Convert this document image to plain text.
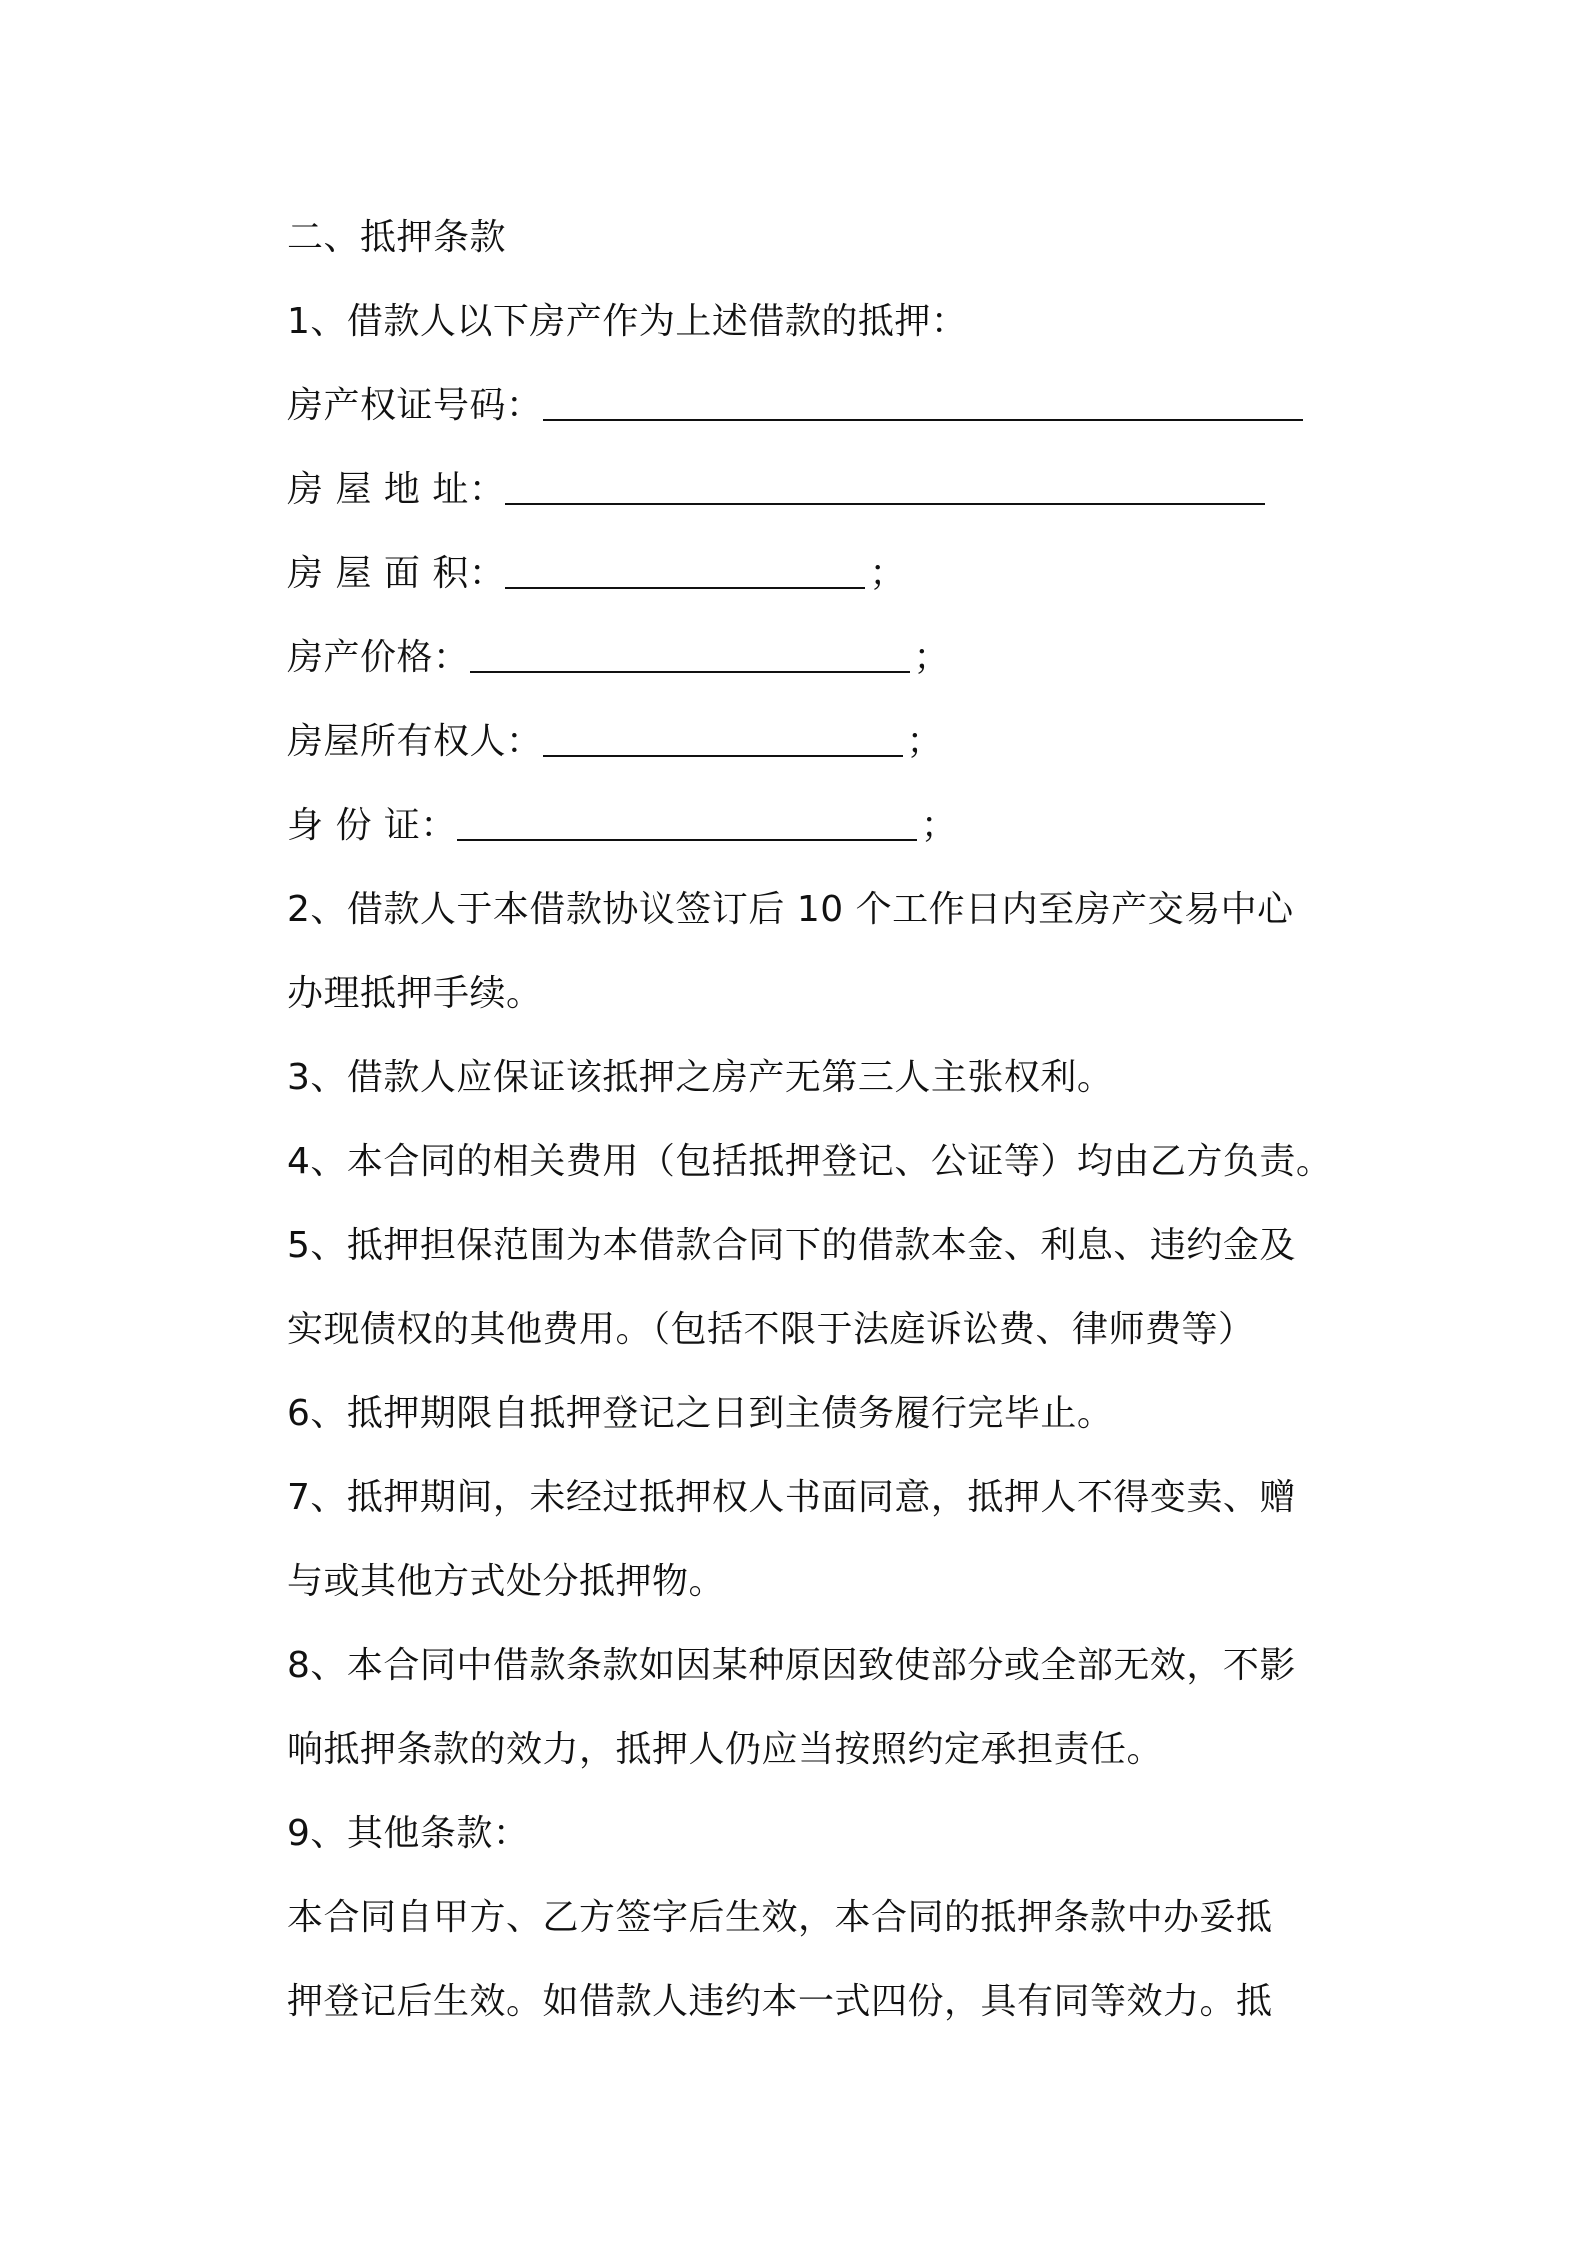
二、抵押条款
1、借款人以下房产作为上述借款的抵押：
房产权证号码：
房 屋 地 址：
房 屋 面 积：	；
房产价格：	；
房屋所有权人：	；
身 份 证：	；
2、借款人于本借款协议签订后 10 个工作日内至房产交易中心
办理抵押手续。
3、借款人应保证该抵押之房产无第三人主张权利。
4、本合同的相关费用（包括抵押登记、公证等）均由乙方负责。
5、抵押担保范围为本借款合同下的借款本金、利息、违约金及
实现债权的其他费用。（包括不限于法庭诉讼费、律师费等）
6、抵押期限自抵押登记之日到主债务履行完毕止。
7、抵押期间，未经过抵押权人书面同意，抵押人不得变卖、赠
与或其他方式处分抵押物。
8、本合同中借款条款如因某种原因致使部分或全部无效，不影
响抵押条款的效力，抵押人仍应当按照约定承担责任。
9、其他条款：
本合同自甲方、乙方签字后生效，本合同的抵押条款中办妥抵
押登记后生效。如借款人违约本一式四份，具有同等效力。抵
